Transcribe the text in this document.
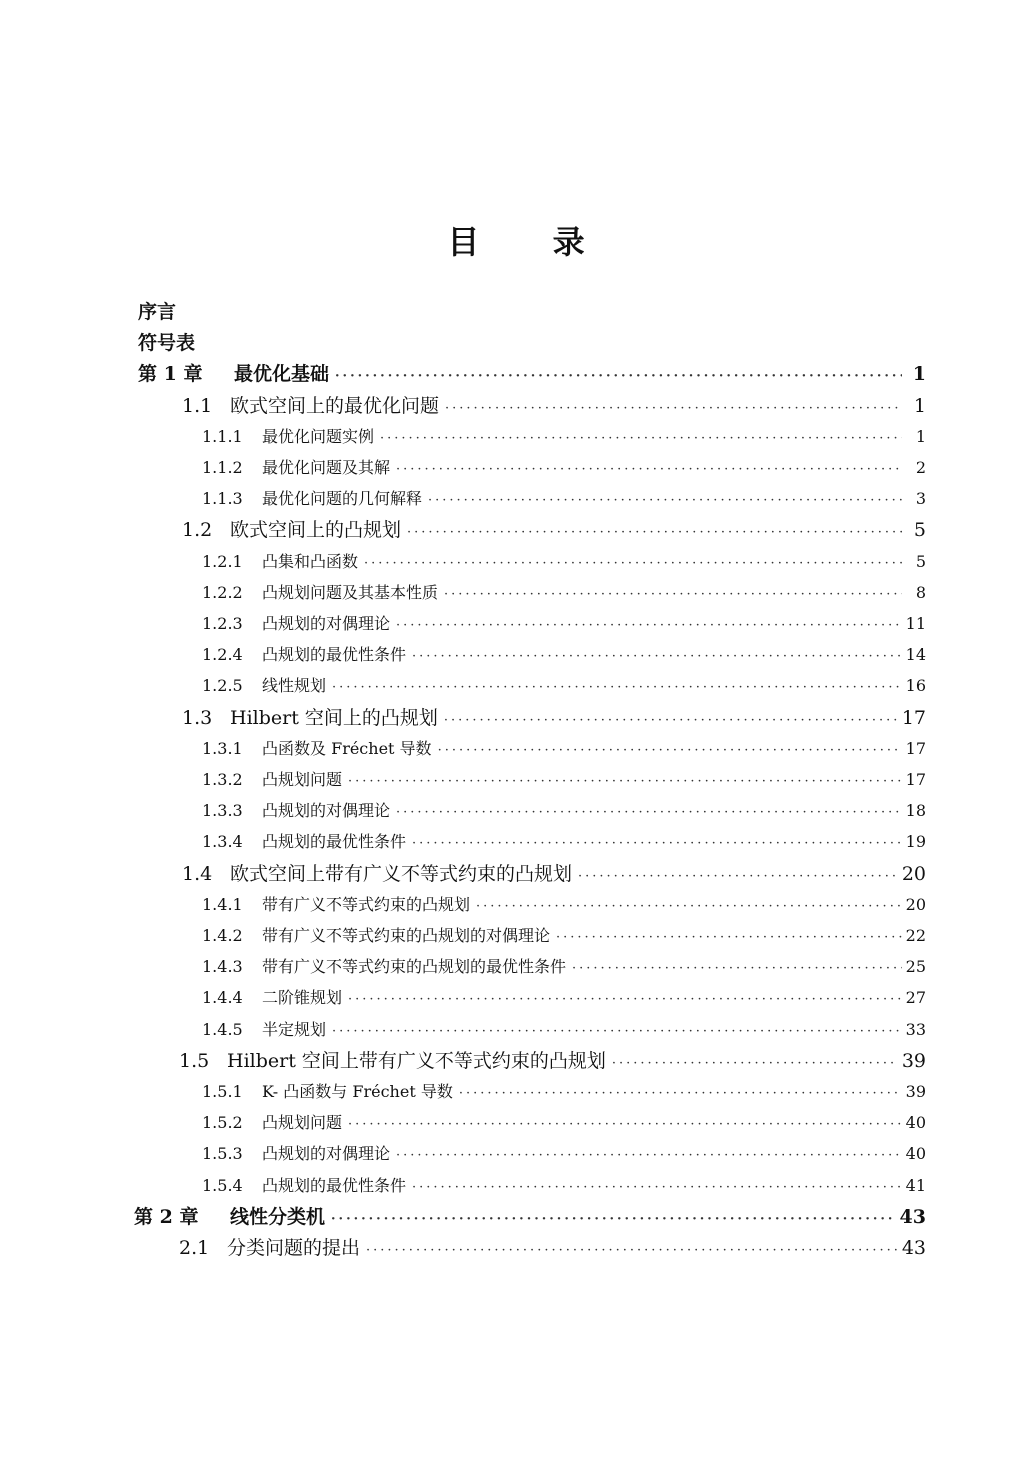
目 录
序言
符号表
第 1 章	最优化基础 ·····	1
1.1 欧式空间上的最优化问题 ·····	1
1.1.1	最优化问题实例 ·····	1
1.1.2	最优化问题及其解 ·····	2
1.1.3	最优化问题的几何解释 ·····	3
1.2 欧式空间上的凸规划 ·····	5
1.2.1	凸集和凸函数 ·····	5
1.2.2	凸规划问题及其基本性质 ·····	8
1.2.3	凸规划的对偶理论 ·····	11
1.2.4	凸规划的最优性条件 ·····	14
1.2.5	线性规划 ·····	16
1.3 Hilbert 空间上的凸规划 ·····	17
1.3.1	凸函数及 Fréchet 导数 ·····	17
1.3.2	凸规划问题 ·····	17
1.3.3	凸规划的对偶理论 ·····	18
1.3.4	凸规划的最优性条件 ·····	19
1.4 欧式空间上带有广义不等式约束的凸规划 ·····	20
1.4.1	带有广义不等式约束的凸规划 ·····	20
1.4.2	带有广义不等式约束的凸规划的对偶理论 ·····	22
1.4.3	带有广义不等式约束的凸规划的最优性条件 ·····	25
1.4.4	二阶锥规划 ·····	27
1.4.5	半定规划 ·····	33
1.5 Hilbert 空间上带有广义不等式约束的凸规划 ·····	39
1.5.1	K- 凸函数与 Fréchet 导数 ·····	39
1.5.2	凸规划问题 ·····	40
1.5.3	凸规划的对偶理论 ·····	40
1.5.4	凸规划的最优性条件 ·····	41
第 2 章	线性分类机 ·····	43
2.1 分类问题的提出 ·····	43
